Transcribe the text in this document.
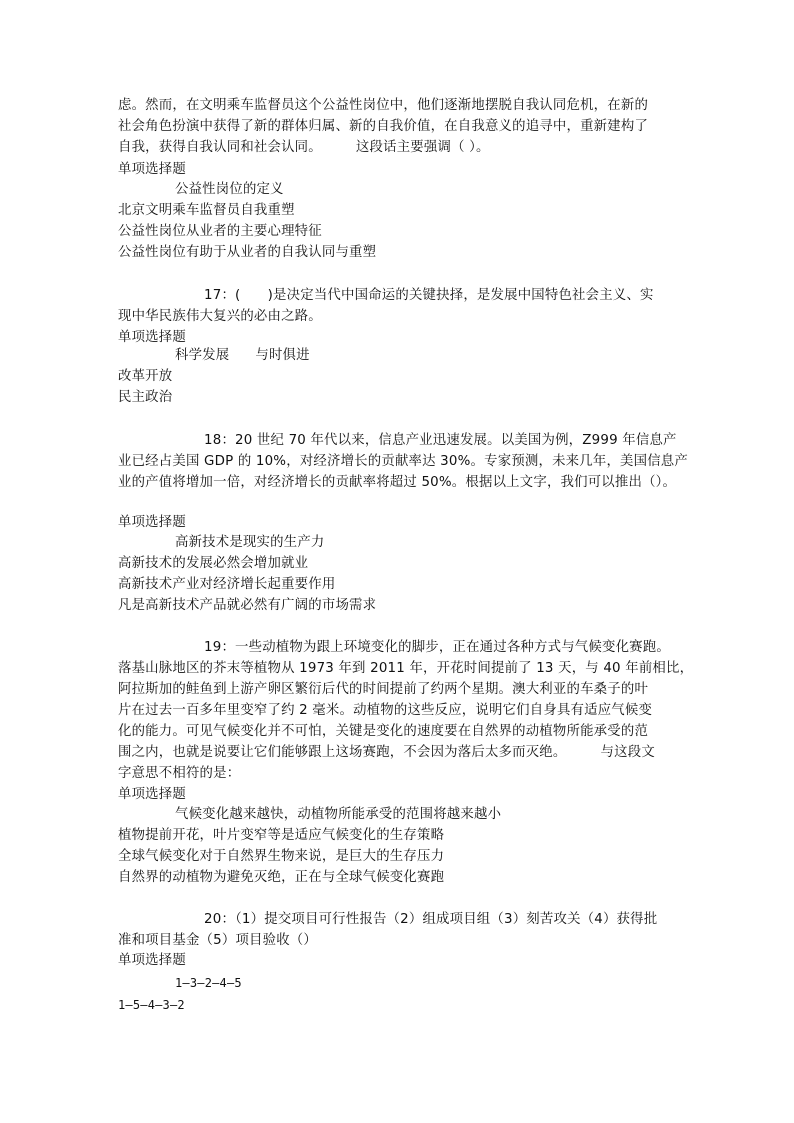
虑。然而，在文明乘车监督员这个公益性岗位中，他们逐渐地摆脱自我认同危机，在新的
社会角色扮演中获得了新的群体归属、新的自我价值，在自我意义的追寻中，重新建构了
自我，获得自我认同和社会认同。　　　这段话主要强调（ ）。
单项选择题
公益性岗位的定义
北京文明乘车监督员自我重塑
公益性岗位从业者的主要心理特征
公益性岗位有助于从业者的自我认同与重塑
17：(　　)是决定当代中国命运的关键抉择，是发展中国特色社会主义、实
现中华民族伟大复兴的必由之路。
单项选择题
科学发展 与时俱进
改革开放
民主政治
18：20 世纪 70 年代以来，信息产业迅速发展。以美国为例，Z999 年信息产
业已经占美国 GDP 的 10%，对经济增长的贡献率达 30%。专家预测，未来几年，美国信息产
业的产值将增加一倍，对经济增长的贡献率将超过 50%。根据以上文字，我们可以推出（）。
单项选择题
高新技术是现实的生产力
高新技术的发展必然会增加就业
高新技术产业对经济增长起重要作用
凡是高新技术产品就必然有广阔的市场需求
19：一些动植物为跟上环境变化的脚步，正在通过各种方式与气候变化赛跑。
落基山脉地区的芥末等植物从 1973 年到 2011 年，开花时间提前了 13 天，与 40 年前相比，
阿拉斯加的鲑鱼到上游产卵区繁衍后代的时间提前了约两个星期。澳大利亚的车桑子的叶
片在过去一百多年里变窄了约 2 毫米。动植物的这些反应，说明它们自身具有适应气候变
化的能力。可见气候变化并不可怕，关键是变化的速度要在自然界的动植物所能承受的范
围之内，也就是说要让它们能够跟上这场赛跑，不会因为落后太多而灭绝。　　　与这段文
字意思不相符的是：
单项选择题
气候变化越来越快，动植物所能承受的范围将越来越小
植物提前开花，叶片变窄等是适应气候变化的生存策略
全球气候变化对于自然界生物来说，是巨大的生存压力
自然界的动植物为避免灭绝，正在与全球气候变化赛跑
20：（1）提交项目可行性报告（2）组成项目组（3）刻苦攻关（4）获得批
准和项目基金（5）项目验收（）
单项选择题
1—3—2—4—5
1—5—4—3—2
